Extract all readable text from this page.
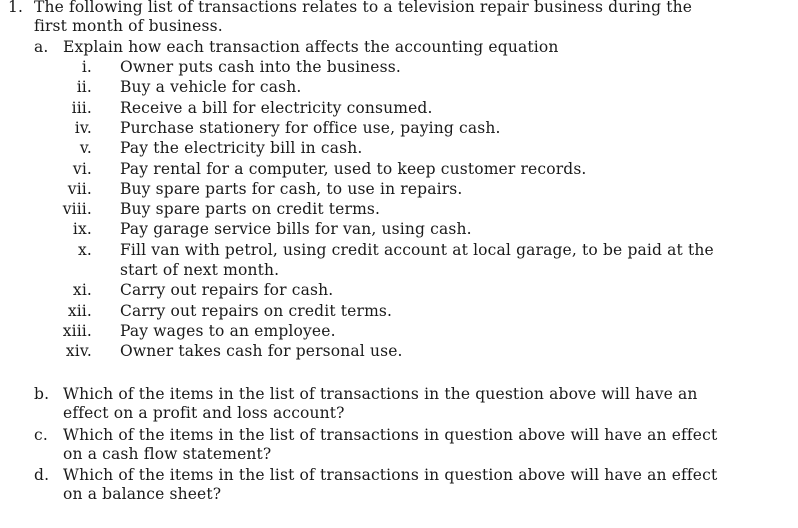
1. The following list of transactions relates to a television repair business during the
first month of business.
a. Explain how each transaction affects the accounting equation
i. Owner puts cash into the business.
ii. Buy a vehicle for cash.
iii. Receive a bill for electricity consumed.
iv. Purchase stationery for office use, paying cash.
v. Pay the electricity bill in cash.
vi. Pay rental for a computer, used to keep customer records.
vii. Buy spare parts for cash, to use in repairs.
viii. Buy spare parts on credit terms.
ix. Pay garage service bills for van, using cash.
x. Fill van with petrol, using credit account at local garage, to be paid at the
start of next month.
xi. Carry out repairs for cash.
xii. Carry out repairs on credit terms.
xiii. Pay wages to an employee.
xiv. Owner takes cash for personal use.
b. Which of the items in the list of transactions in the question above will have an
effect on a profit and loss account?
c. Which of the items in the list of transactions in question above will have an effect
on a cash flow statement?
d. Which of the items in the list of transactions in question above will have an effect
on a balance sheet?
